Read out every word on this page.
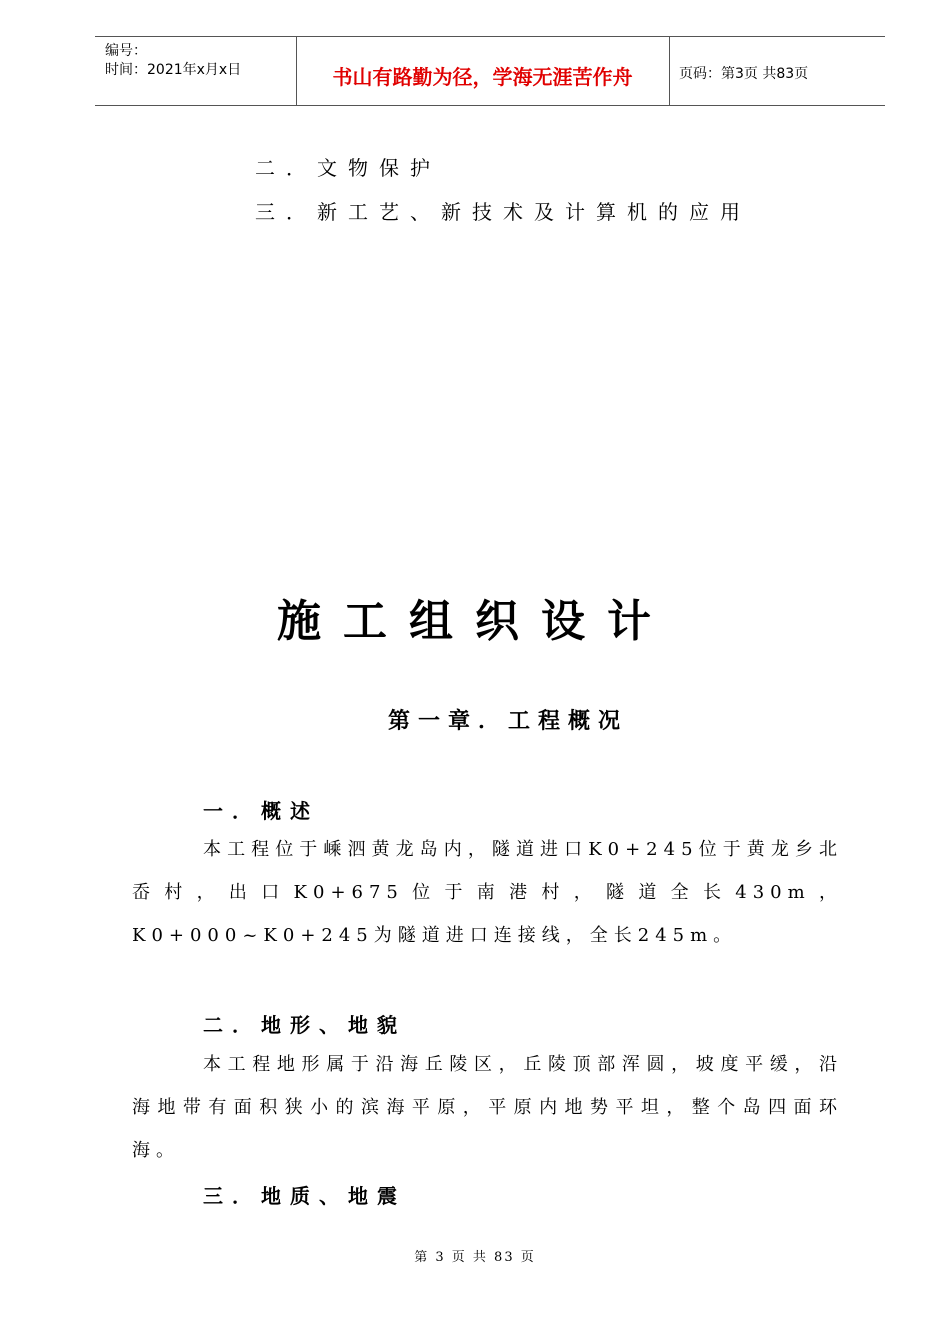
编号：
时间：2021年x月x日	书山有路勤为径，学海无涯苦作舟	页码：第3页 共83页
二．文物保护
三．新工艺、新技术及计算机的应用
施工组织设计
第一章．工程概况
一．概述
本工程位于嵊泗黄龙岛内，隧道进口K0+245位于黄龙乡北岙村，出口K0+675位于南港村，隧道全长430m，K0+000~K0+245为隧道进口连接线，全长245m。
二．地形、地貌
本工程地形属于沿海丘陵区，丘陵顶部浑圆，坡度平缓，沿海地带有面积狭小的滨海平原，平原内地势平坦，整个岛四面环海。
三．地质、地震
第 3 页 共 83 页
